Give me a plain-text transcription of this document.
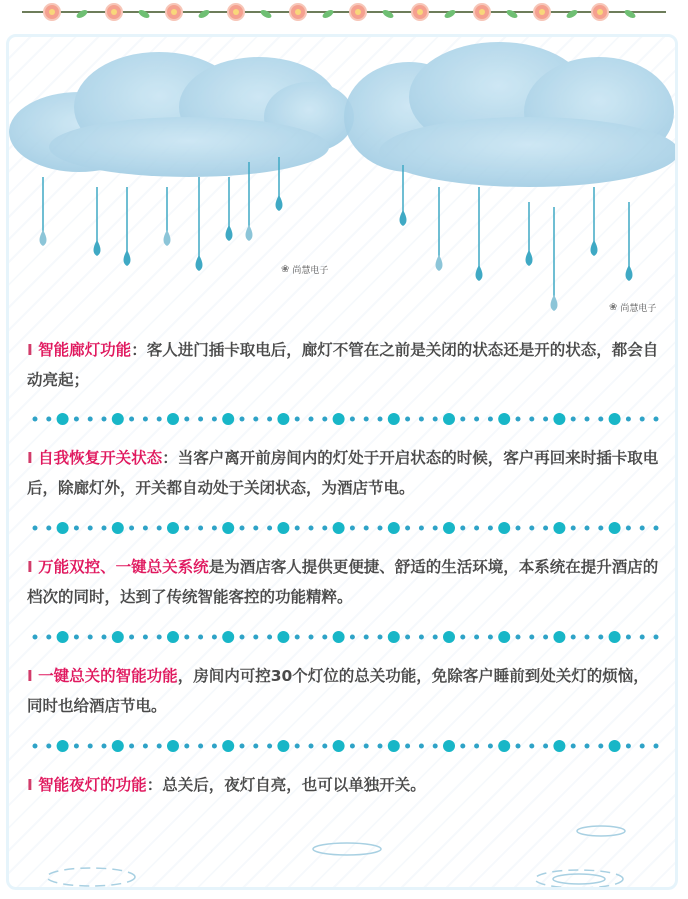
❀ 尚慧电子
❀ 尚慧电子

I 智能廊灯功能：客人进门插卡取电后，廊灯不管在之前是关闭的状态还是开的状态，都会自动亮起；

I 自我恢复开关状态：当客户离开前房间内的灯处于开启状态的时候，客户再回来时插卡取电后，除廊灯外，开关都自动处于关闭状态，为酒店节电。

I 万能双控、一键总关系统是为酒店客人提供更便捷、舒适的生活环境，本系统在提升酒店的档次的同时，达到了传统智能客控的功能精粹。

I 一键总关的智能功能，房间内可控30个灯位的总关功能，免除客户睡前到处关灯的烦恼，同时也给酒店节电。

I 智能夜灯的功能：总关后，夜灯自亮，也可以单独开关。
